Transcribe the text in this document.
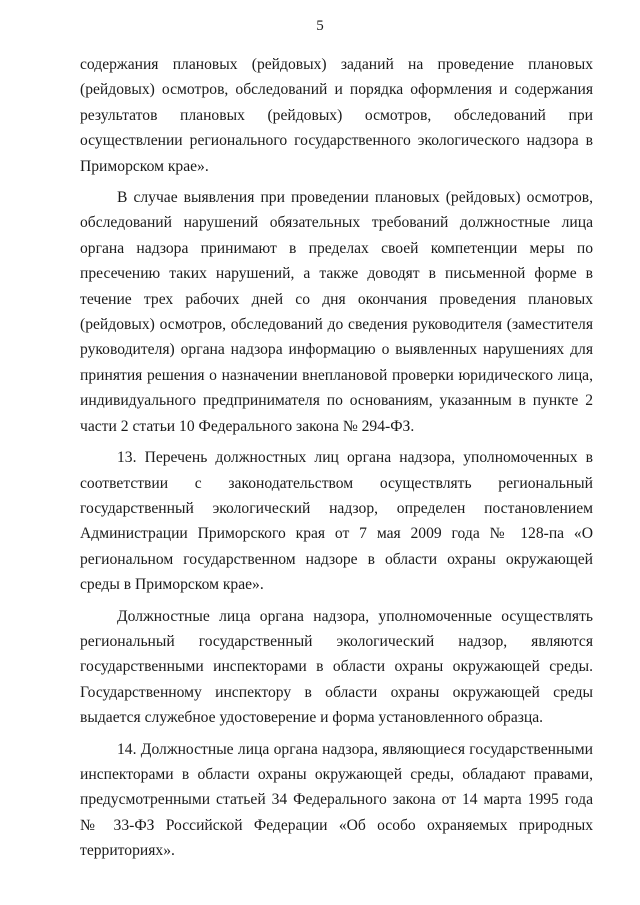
5

содержания плановых (рейдовых) заданий на проведение плановых (рейдовых) осмотров, обследований и порядка оформления и содержания результатов плановых (рейдовых) осмотров, обследований при осуществлении регионального государственного экологического надзора в Приморском крае».

В случае выявления при проведении плановых (рейдовых) осмотров, обследований нарушений обязательных требований должностные лица органа надзора принимают в пределах своей компетенции меры по пресечению таких нарушений, а также доводят в письменной форме в течение трех рабочих дней со дня окончания проведения плановых (рейдовых) осмотров, обследований до сведения руководителя (заместителя руководителя) органа надзора информацию о выявленных нарушениях для принятия решения о назначении внеплановой проверки юридического лица, индивидуального предпринимателя по основаниям, указанным в пункте 2 части 2 статьи 10 Федерального закона № 294-ФЗ.

13. Перечень должностных лиц органа надзора, уполномоченных в соответствии с законодательством осуществлять региональный государственный экологический надзор, определен постановлением Администрации Приморского края от 7 мая 2009 года № 128-па «О региональном государственном надзоре в области охраны окружающей среды в Приморском крае».

Должностные лица органа надзора, уполномоченные осуществлять региональный государственный экологический надзор, являются государственными инспекторами в области охраны окружающей среды. Государственному инспектору в области охраны окружающей среды выдается служебное удостоверение и форма установленного образца.

14. Должностные лица органа надзора, являющиеся государственными инспекторами в области охраны окружающей среды, обладают правами, предусмотренными статьей 34 Федерального закона от 14 марта 1995 года № 33-ФЗ Российской Федерации «Об особо охраняемых природных территориях».
